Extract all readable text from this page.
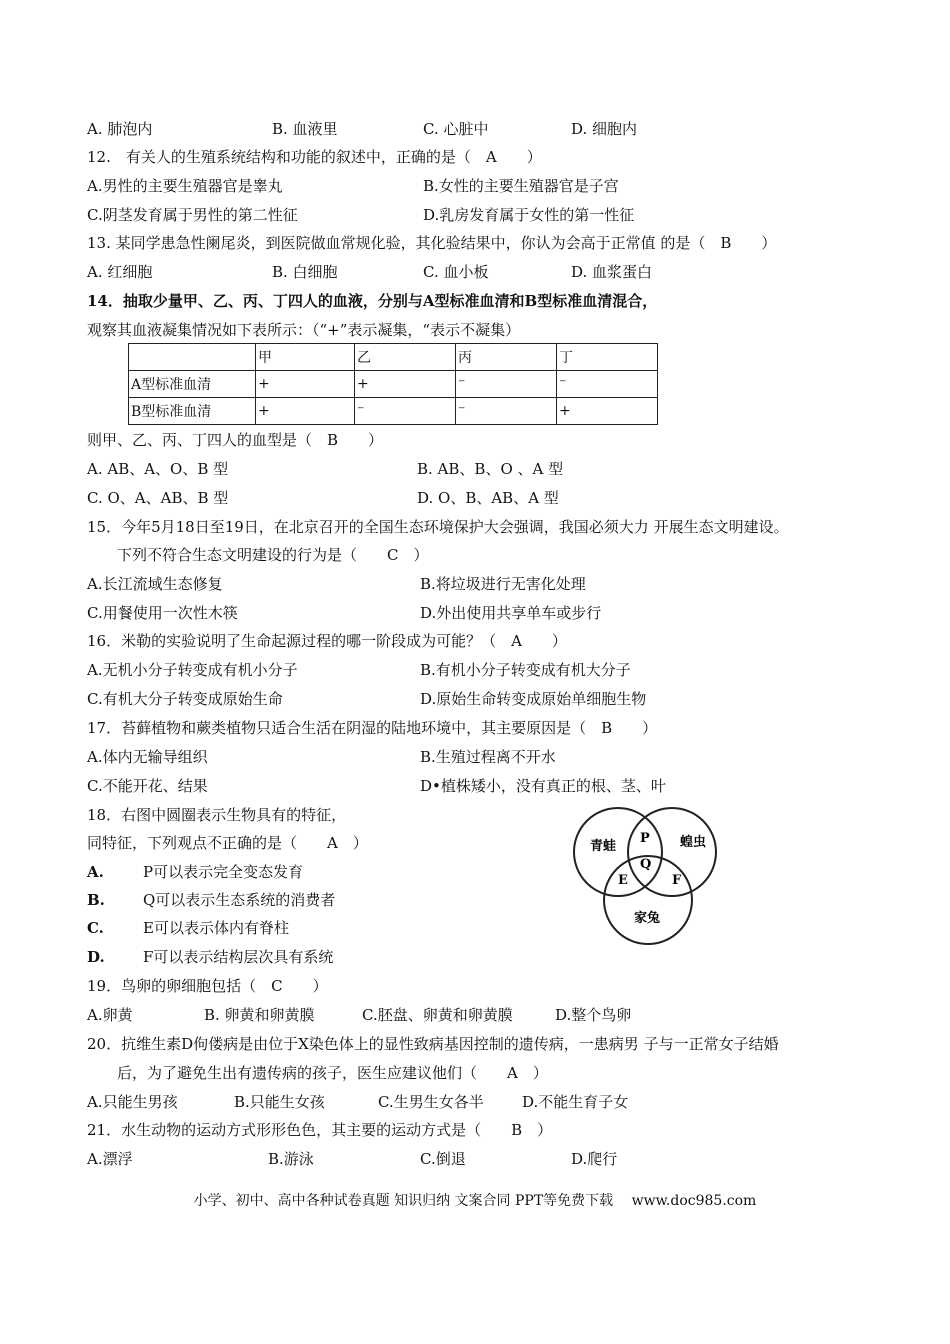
A. 肺泡内	B. 血液里	C. 心脏中	D. 细胞内
12.　有关人的生殖系统结构和功能的叙述中，正确的是（　A　　）
A.男性的主要生殖器官是睾丸	B.女性的主要生殖器官是子宫
C.阴茎发育属于男性的第二性征	D.乳房发育属于女性的第一性征
13. 某同学患急性阑尾炎，到医院做血常规化验，其化验结果中，你认为会高于正常值 的是（　B　　）
A. 红细胞	B. 白细胞	C. 血小板	D. 血浆蛋白
14．抽取少量甲、乙、丙、丁四人的血液，分别与A型标准血清和B型标准血清混合，
观察其血液凝集情况如下表所示：（“+”表示凝集，“表示不凝集）
	甲	乙	丙	丁
A型标准血清	+	+	⁻	⁻
B型标准血清	+	⁻	⁻	+
则甲、乙、丙、丁四人的血型是（　B　　）
A. AB、A、O、B 型	B. AB、B、O 、A 型
C. O、A、AB、B 型	D. O、B、AB、A 型
15．今年5月18日至19日，在北京召开的全国生态环境保护大会强调，我国必须大力 开展生态文明建设。
下列不符合生态文明建设的行为是（　　C　）
A.长江流域生态修复	B.将垃圾进行无害化处理
C.用餐使用一次性木筷	D.外出使用共享单车或步行
16．米勒的实验说明了生命起源过程的哪一阶段成为可能？（　A　　）
A.无机小分子转变成有机小分子	B.有机小分子转变成有机大分子
C.有机大分子转变成原始生命	D.原始生命转变成原始单细胞生物
17．苔藓植物和蕨类植物只适合生活在阴湿的陆地环境中，其主要原因是（　B　　）
A.体内无输导组织	B.生殖过程离不开水
C.不能开花、结果	D•植株矮小，没有真正的根、茎、叶
18．右图中圆圈表示生物具有的特征，
同特征，下列观点不正确的是（　　A　）
A.	P可以表示完全变态发育
B.	Q可以表示生态系统的消费者
C.	E可以表示体内有脊柱
D.	F可以表示结构层次具有系统
青蛙	蝗虫
家兔
P
Q
E	F
19．鸟卵的卵细胞包括（　C　　）
A.卵黄	B. 卵黄和卵黄膜	C.胚盘、卵黄和卵黄膜	D.整个鸟卵
20．抗维生素D佝偻病是由位于X染色体上的显性致病基因控制的遗传病，一患病男 子与一正常女子结婚
后，为了避免生出有遗传病的孩子，医生应建议他们（　　A　）
A.只能生男孩	B.只能生女孩	C.生男生女各半	D.不能生育子女
21．水生动物的运动方式形形色色，其主要的运动方式是（　　B　）
A.漂浮	B.游泳	C.倒退	D.爬行
小学、初中、高中各种试卷真题 知识归纳 文案合同 PPT等免费下载　 www.doc985.com
